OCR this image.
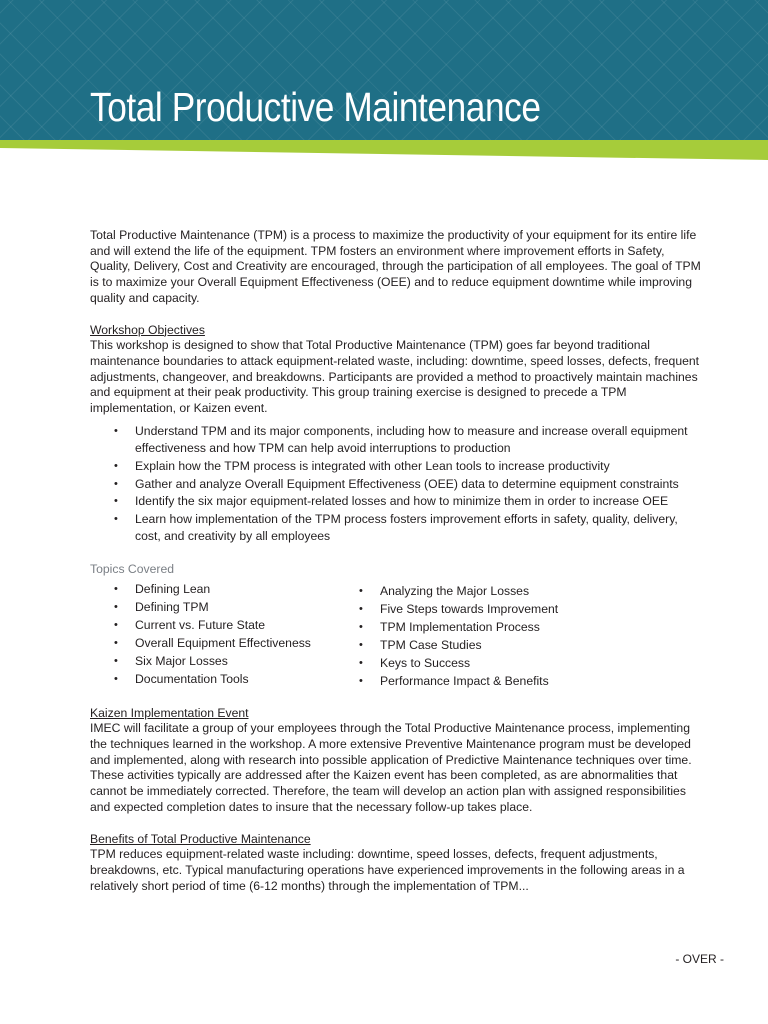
Total Productive Maintenance

Total Productive Maintenance (TPM) is a process to maximize the productivity of your equipment for its entire life and will extend the life of the equipment. TPM fosters an environment where improvement efforts in Safety, Quality, Delivery, Cost and Creativity are encouraged, through the participation of all employees. The goal of TPM is to maximize your Overall Equipment Effectiveness (OEE) and to reduce equipment downtime while improving quality and capacity.

Workshop Objectives

This workshop is designed to show that Total Productive Maintenance (TPM) goes far beyond traditional maintenance boundaries to attack equipment-related waste, including: downtime, speed losses, defects, frequent adjustments, changeover, and breakdowns. Participants are provided a method to proactively maintain machines and equipment at their peak productivity. This group training exercise is designed to precede a TPM implementation, or Kaizen event.

• Understand TPM and its major components, including how to measure and increase overall equipment effectiveness and how TPM can help avoid interruptions to production
• Explain how the TPM process is integrated with other Lean tools to increase productivity
• Gather and analyze Overall Equipment Effectiveness (OEE) data to determine equipment constraints
• Identify the six major equipment-related losses and how to minimize them in order to increase OEE
• Learn how implementation of the TPM process fosters improvement efforts in safety, quality, delivery, cost, and creativity by all employees

Topics Covered

• Defining Lean
• Defining TPM
• Current vs. Future State
• Overall Equipment Effectiveness
• Six Major Losses
• Documentation Tools
• Analyzing the Major Losses
• Five Steps towards Improvement
• TPM Implementation Process
• TPM Case Studies
• Keys to Success
• Performance Impact & Benefits

Kaizen Implementation Event

IMEC will facilitate a group of your employees through the Total Productive Maintenance process, implementing the techniques learned in the workshop. A more extensive Preventive Maintenance program must be developed and implemented, along with research into possible application of Predictive Maintenance techniques over time. These activities typically are addressed after the Kaizen event has been completed, as are abnormalities that cannot be immediately corrected. Therefore, the team will develop an action plan with assigned responsibilities and expected completion dates to insure that the necessary follow-up takes place.

Benefits of Total Productive Maintenance

TPM reduces equipment-related waste including: downtime, speed losses, defects, frequent adjustments, breakdowns, etc. Typical manufacturing operations have experienced improvements in the following areas in a relatively short period of time (6-12 months) through the implementation of TPM...

- OVER -
